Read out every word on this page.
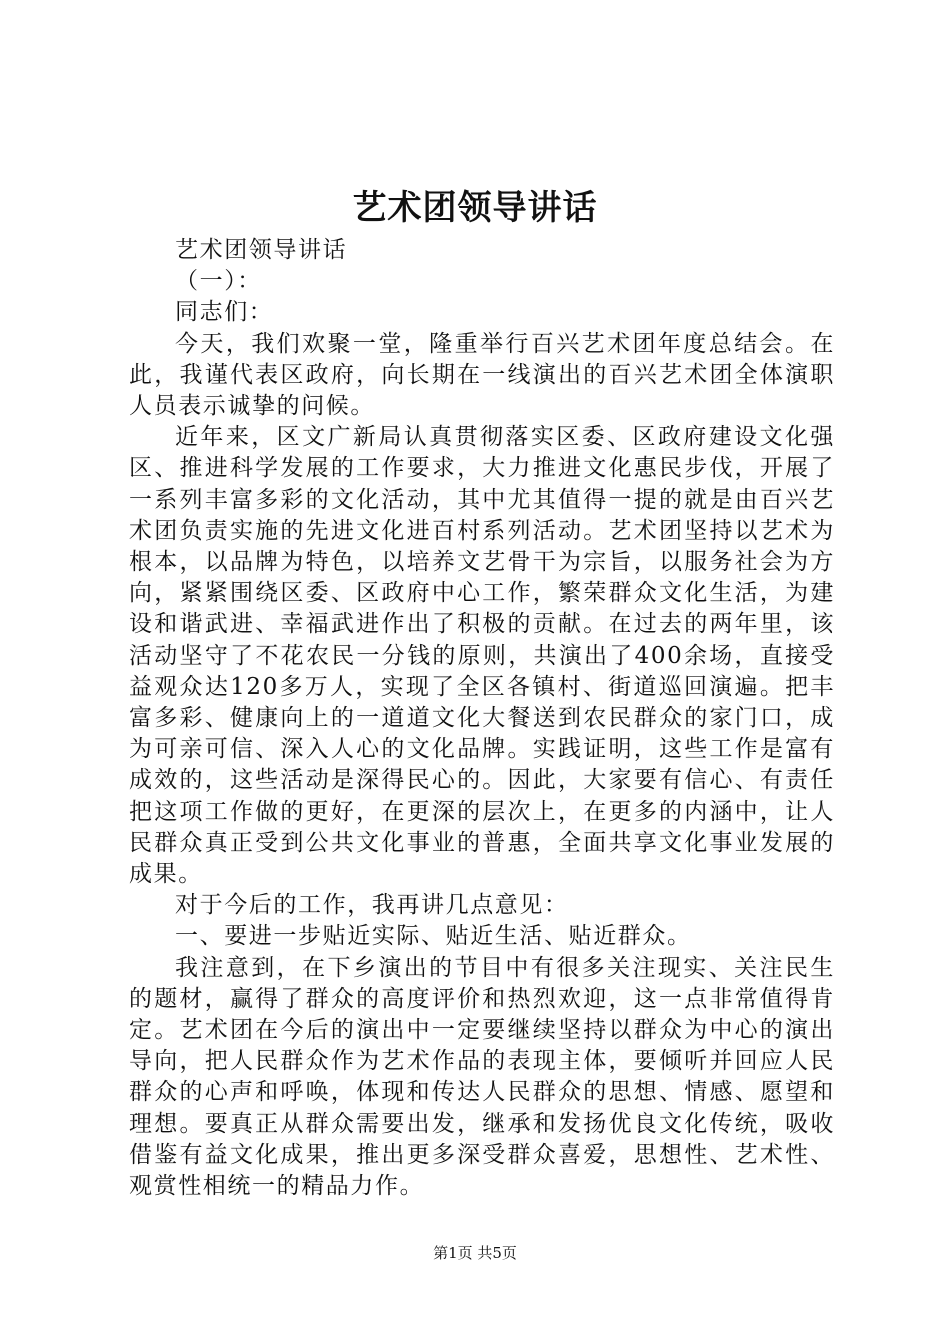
艺术团领导讲话

艺术团领导讲话

（一）：

同志们：

今天，我们欢聚一堂，隆重举行百兴艺术团年度总结会。在此，我谨代表区政府，向长期在一线演出的百兴艺术团全体演职人员表示诚挚的问候。

近年来，区文广新局认真贯彻落实区委、区政府建设文化强区、推进科学发展的工作要求，大力推进文化惠民步伐，开展了一系列丰富多彩的文化活动，其中尤其值得一提的就是由百兴艺术团负责实施的先进文化进百村系列活动。艺术团坚持以艺术为根本，以品牌为特色，以培养文艺骨干为宗旨，以服务社会为方向，紧紧围绕区委、区政府中心工作，繁荣群众文化生活，为建设和谐武进、幸福武进作出了积极的贡献。在过去的两年里，该活动坚守了不花农民一分钱的原则，共演出了400余场，直接受益观众达120多万人，实现了全区各镇村、街道巡回演遍。把丰富多彩、健康向上的一道道文化大餐送到农民群众的家门口，成为可亲可信、深入人心的文化品牌。实践证明，这些工作是富有成效的，这些活动是深得民心的。因此，大家要有信心、有责任把这项工作做的更好，在更深的层次上，在更多的内涵中，让人民群众真正受到公共文化事业的普惠，全面共享文化事业发展的成果。

对于今后的工作，我再讲几点意见：

一、要进一步贴近实际、贴近生活、贴近群众。

我注意到，在下乡演出的节目中有很多关注现实、关注民生的题材，赢得了群众的高度评价和热烈欢迎，这一点非常值得肯定。艺术团在今后的演出中一定要继续坚持以群众为中心的演出导向，把人民群众作为艺术作品的表现主体，要倾听并回应人民群众的心声和呼唤，体现和传达人民群众的思想、情感、愿望和理想。要真正从群众需要出发，继承和发扬优良文化传统，吸收借鉴有益文化成果，推出更多深受群众喜爱，思想性、艺术性、观赏性相统一的精品力作。

第1页 共5页
